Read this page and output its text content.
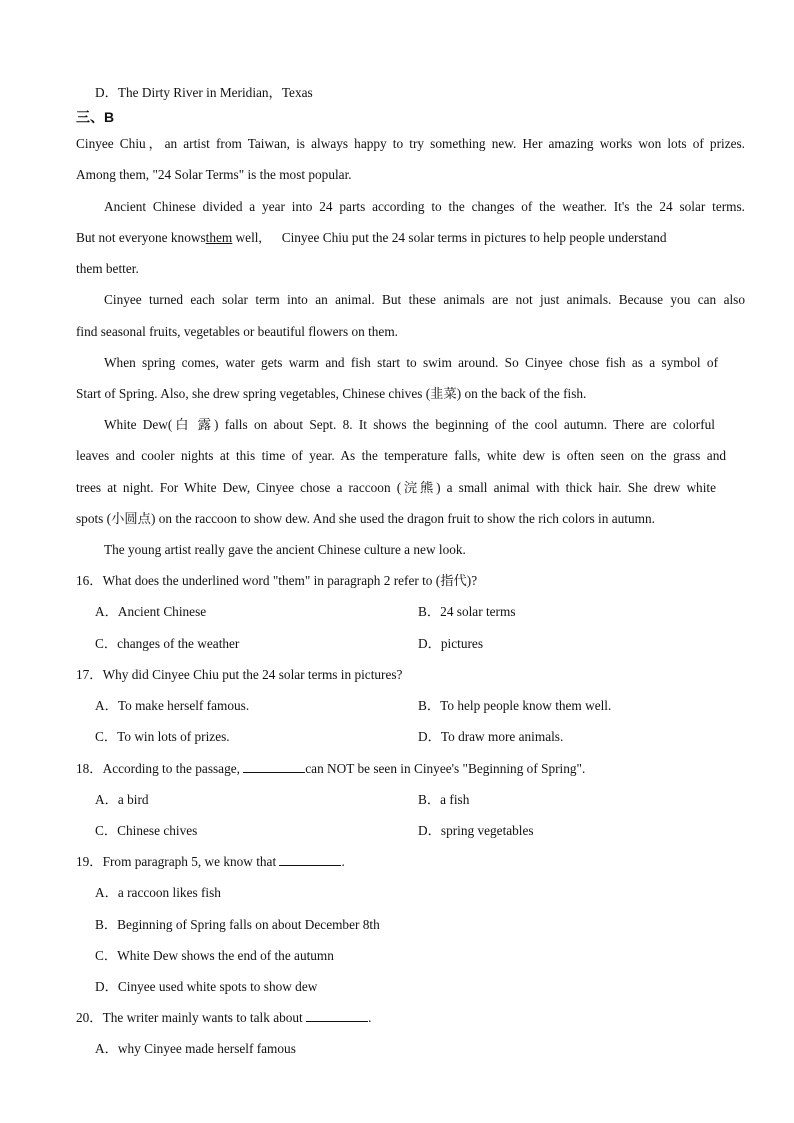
D．The Dirty River in Meridian，Texas
三、B
Cinyee Chiu，an artist from Taiwan, is always happy to try something new. Her amazing works won lots of prizes.
Among them, "24 Solar Terms" is the most popular.
Ancient Chinese divided a year into 24 parts according to the changes of the weather. It's the 24 solar terms.
But not everyone knowsthem well,      Cinyee Chiu put the 24 solar terms in pictures to help people understand
them better.
Cinyee turned each solar term into an animal. But these animals are not just animals. Because you can also
find seasonal fruits, vegetables or beautiful flowers on them.
When spring comes, water gets warm and fish start to swim around. So Cinyee chose fish as a symbol of
Start of Spring. Also, she drew spring vegetables, Chinese chives (韭菜) on the back of the fish.
White Dew(白 露) falls on about Sept. 8. It shows the beginning of the cool autumn. There are colorful
leaves and cooler nights at this time of year. As the temperature falls, white dew is often seen on the grass and
trees at night. For White Dew, Cinyee chose a raccoon (浣熊) a small animal with thick hair. She drew white
spots (小圆点) on the raccoon to show dew. And she used the dragon fruit to show the rich colors in autumn.
The young artist really gave the ancient Chinese culture a new look.
16．What does the underlined word "them" in paragraph 2 refer to (指代)?
A．Ancient Chinese	B．24 solar terms
C．changes of the weather	D．pictures
17．Why did Cinyee Chiu put the 24 solar terms in pictures?
A．To make herself famous.	B．To help people know them well.
C．To win lots of prizes.	D．To draw more animals.
18．According to the passage,	can NOT be seen in Cinyee's "Beginning of Spring".
A．a bird	B．a fish
C．Chinese chives	D．spring vegetables
19．From paragraph 5, we know that	.
A．a raccoon likes fish
B．Beginning of Spring falls on about December 8th
C．White Dew shows the end of the autumn
D．Cinyee used white spots to show dew
20．The writer mainly wants to talk about	.
A．why Cinyee made herself famous
